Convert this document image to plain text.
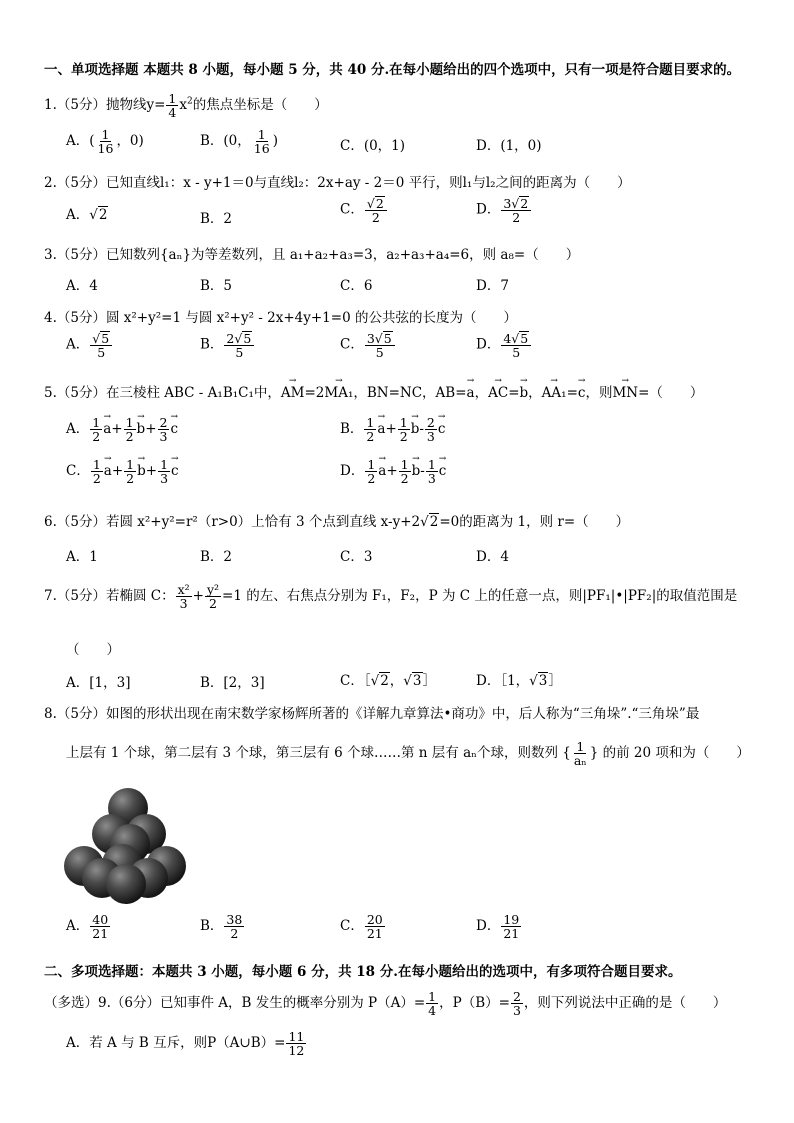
一、单项选择题 本题共 8 小题，每小题 5 分，共 40 分.在每小题给出的四个选项中，只有一项是符合题目要求的。
1.（5分）抛物线$y= \frac{1}{4} x^2$的焦点坐标是（　　）
A．( $\frac{1}{16}$ ，0)	B．(0， $\frac{1}{16}$ )	C．(0，1)	D．(1，0)
2.（5分）已知直线l₁：x - y+1＝0与直线l₂：2x+ay - 2＝0 平行，则l₁与l₂之间的距离为（　　）
A．√ 2	B．2
C．
√ $\frac{2}{2}$	D． $\frac{3√ 2}{2}$
3.（5分）已知数列{aₙ}为等差数列，且 a₁+a₂+a₃=3，a₂+a₃+a₄=6，则 a₈=（　　）
A．4	B．5	C．6	D．7
4.（5分）圆 x²+y²=1 与圆 x²+y² - 2x+4y+1=0 的公共弦的长度为（　　）
A．
√ $\frac{5}{5}$	B． $\frac{2√ 5}{5}$	C． $\frac{3√ 5}{5}$	D． $\frac{4√ 5}{5}$
5.（5分）在三棱柱 ABC - A₁B₁C₁中，→ AM=2→ MA₁，BN=NC，AB=→ a，→ AC=→ b，→ AA₁=→ c，则→ MN=（　　）
A． $\frac{1}{2}$
→ $a+ \frac{1}{2}$
→ $b+ \frac{2}{3}$
→ c	B． $\frac{1}{2}$
→ $a+ \frac{1}{2}$
→ $b- \frac{2}{3}$
→ c
C． $\frac{1}{2}$
→ $a+ \frac{1}{2}$
→ $b+ \frac{1}{3}$
→ c	D． $\frac{1}{2}$
→ $a+ \frac{1}{2}$
→ $b- \frac{1}{3}$
→ c
6.（5分）若圆 x²+y²=r²（r>0）上恰有 3 个点到直线 x-y+2√ 2=0的距离为 1，则 r=（　　）
A．1	B．2	C．3	D．4
7.（5分）若椭圆 C： $\frac{\text{x²}}{3} + \frac{\text{y²}}{2} =1$ 的左、右焦点分别为 F₁，F₂，P 为 C 上的任意一点，则|PF₁|•|PF₂|的取值范围是
（　　）
A．[1，3]	B．[2，3]	C．［√ 2，√ 3］	D．［1，√ 3］
8.（5分）如图的形状出现在南宋数学家杨辉所著的《详解九章算法•商功》中，后人称为“三角垛”.“三角垛”最
上层有 1 个球，第二层有 3 个球，第三层有 6 个球……第 n 层有 aₙ个球，则数列 { $\frac{1}{\text{aₙ}}$ } 的前 20 项和为（　　）
A． $\frac{40}{21}$	B． $\frac{38}{2}$	C． $\frac{20}{21}$	D． $\frac{19}{21}$
二、多项选择题：本题共 3 小题，每小题 6 分，共 18 分.在每小题给出的选项中，有多项符合题目要求。
（多选）9.（6分）已知事件 A，B 发生的概率分别为 $P(A)= \frac{1}{4}$ ，$P(B)= \frac{2}{3}$ ，则下列说法中正确的是（　　）
A．若 A 与 B 互斥，则P（A∪B）= $\frac{11}{12}$
